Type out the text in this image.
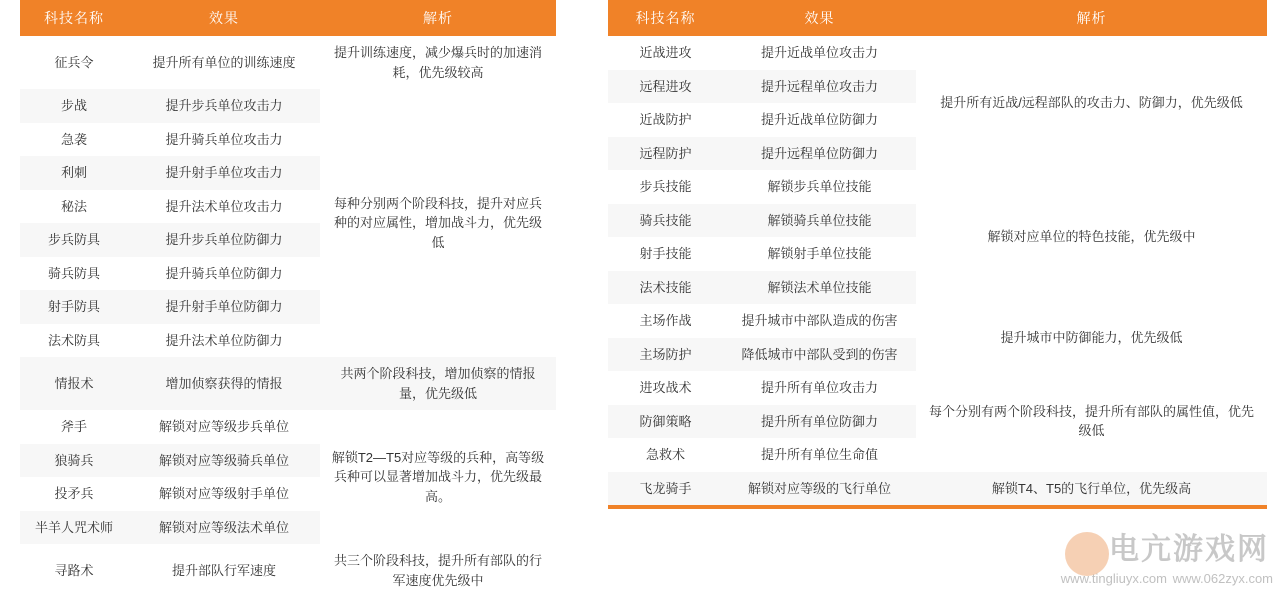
科技名称	效果	解析
征兵令	提升所有单位的训练速度	提升训练速度，减少爆兵时的加速消耗，优先级较高
步战	提升步兵单位攻击力	每种分别两个阶段科技，提升对应兵种的对应属性，增加战斗力，优先级低
急袭	提升骑兵单位攻击力	
利刺	提升射手单位攻击力	
秘法	提升法术单位攻击力	
步兵防具	提升步兵单位防御力	
骑兵防具	提升骑兵单位防御力	
射手防具	提升射手单位防御力	
法术防具	提升法术单位防御力	
情报术	增加侦察获得的情报	共两个阶段科技，增加侦察的情报量，优先级低
斧手	解锁对应等级步兵单位	解锁T2—T5对应等级的兵种，高等级兵种可以显著增加战斗力，优先级最高。
狼骑兵	解锁对应等级骑兵单位	
投矛兵	解锁对应等级射手单位	
半羊人咒术师	解锁对应等级法术单位	
寻路术	提升部队行军速度	共三个阶段科技，提升所有部队的行军速度优先级中
科技名称	效果	解析
近战进攻	提升近战单位攻击力	提升所有近战/远程部队的攻击力、防御力，优先级低
远程进攻	提升远程单位攻击力	
近战防护	提升近战单位防御力	
远程防护	提升远程单位防御力	
步兵技能	解锁步兵单位技能	解锁对应单位的特色技能，优先级中
骑兵技能	解锁骑兵单位技能	
射手技能	解锁射手单位技能	
法术技能	解锁法术单位技能	
主场作战	提升城市中部队造成的伤害	提升城市中防御能力，优先级低
主场防护	降低城市中部队受到的伤害	
进攻战术	提升所有单位攻击力	每个分别有两个阶段科技，提升所有部队的属性值，优先级低
防御策略	提升所有单位防御力	
急救术	提升所有单位生命值	
飞龙骑手	解锁对应等级的飞行单位	解锁T4、T5的飞行单位，优先级高
电亢游戏网
www.tingliuyx.com www.062zyx.com
